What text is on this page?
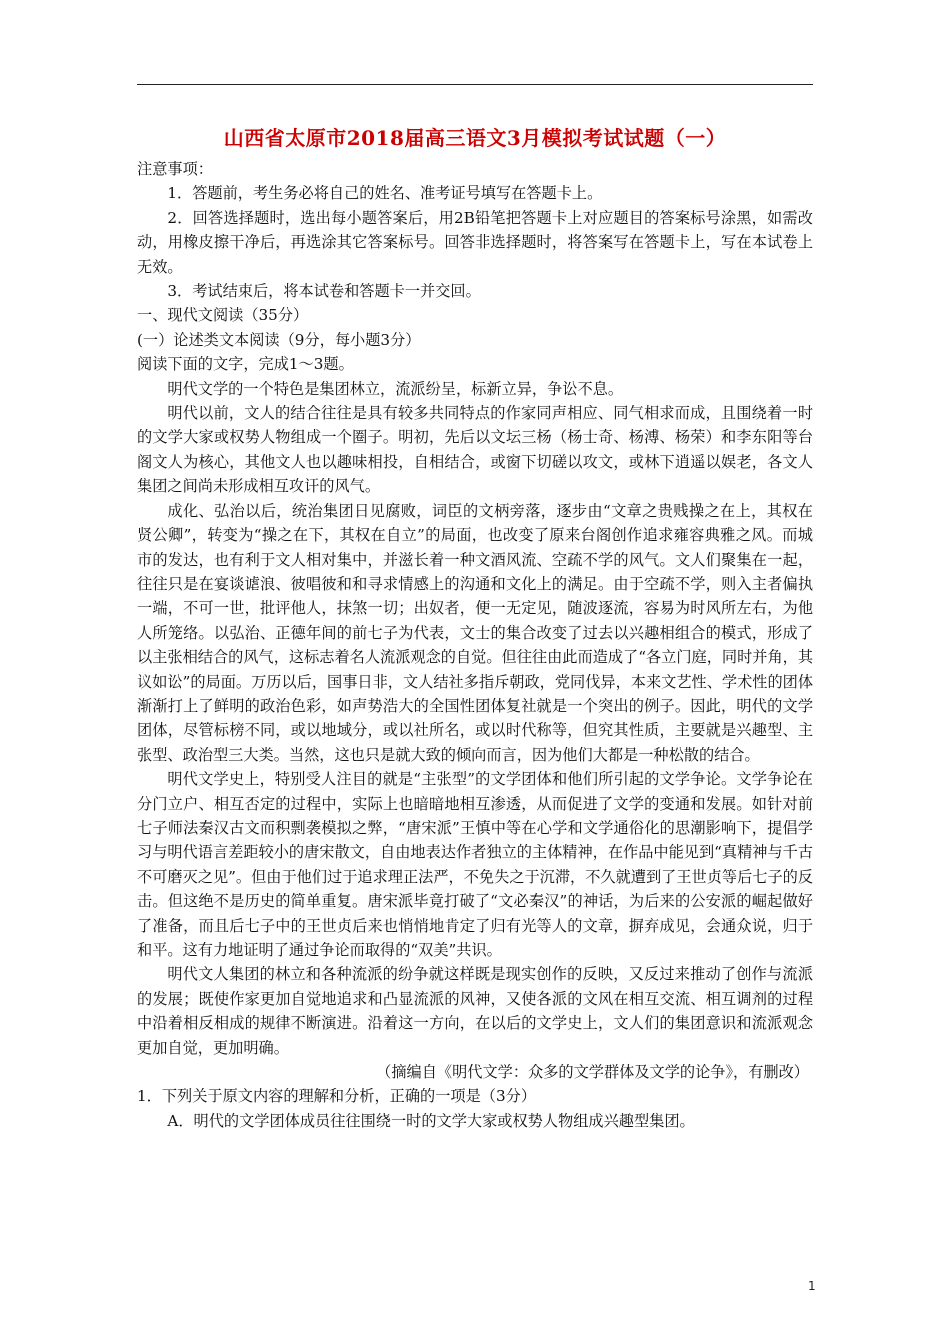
山西省太原市2018届高三语文3月模拟考试试题（一）

注意事项：

1．答题前，考生务必将自己的姓名、准考证号填写在答题卡上。

2．回答选择题时，选出每小题答案后，用2B铅笔把答题卡上对应题目的答案标号涂黑，如需改动，用橡皮擦干净后，再选涂其它答案标号。回答非选择题时，将答案写在答题卡上，写在本试卷上无效。

3．考试结束后，将本试卷和答题卡一并交回。

一、现代文阅读（35分）

(一）论述类文本阅读（9分，每小题3分）

阅读下面的文字，完成1～3题。

明代文学的一个特色是集团林立，流派纷呈，标新立异，争讼不息。

明代以前，文人的结合往往是具有较多共同特点的作家同声相应、同气相求而成，且围绕着一时的文学大家或权势人物组成一个圈子。明初，先后以文坛三杨（杨士奇、杨溥、杨荣）和李东阳等台阁文人为核心，其他文人也以趣味相投，自相结合，或窗下切磋以攻文，或林下逍遥以娱老，各文人集团之间尚未形成相互攻讦的风气。

成化、弘治以后，统治集团日见腐败，词臣的文柄旁落，逐步由“文章之贵贱操之在上，其权在贤公卿”，转变为“操之在下，其权在自立”的局面，也改变了原来台阁创作追求雍容典雅之风。而城市的发达，也有利于文人相对集中，并滋长着一种文酒风流、空疏不学的风气。文人们聚集在一起，往往只是在宴谈谑浪、彼唱彼和和寻求情感上的沟通和文化上的满足。由于空疏不学，则入主者偏执一端，不可一世，批评他人，抹煞一切；出奴者，便一无定见，随波逐流，容易为时风所左右，为他人所笼络。以弘治、正德年间的前七子为代表，文士的集合改变了过去以兴趣相组合的模式，形成了以主张相结合的风气，这标志着名人流派观念的自觉。但往往由此而造成了“各立门庭，同时并角，其议如讼”的局面。万历以后，国事日非，文人结社多指斥朝政，党同伐异，本来文艺性、学术性的团体渐渐打上了鲜明的政治色彩，如声势浩大的全国性团体复社就是一个突出的例子。因此，明代的文学团体，尽管标榜不同，或以地域分，或以社所名，或以时代称等，但究其性质，主要就是兴趣型、主张型、政治型三大类。当然，这也只是就大致的倾向而言，因为他们大都是一种松散的结合。

明代文学史上，特别受人注目的就是“主张型”的文学团体和他们所引起的文学争论。文学争论在分门立户、相互否定的过程中，实际上也暗暗地相互渗透，从而促进了文学的变通和发展。如针对前七子师法秦汉古文而积剽袭模拟之弊，“唐宋派”王慎中等在心学和文学通俗化的思潮影响下，提倡学习与明代语言差距较小的唐宋散文，自由地表达作者独立的主体精神，在作品中能见到“真精神与千古不可磨灭之见”。但由于他们过于追求理正法严，不免失之于沉滞，不久就遭到了王世贞等后七子的反击。但这绝不是历史的简单重复。唐宋派毕竟打破了“文必秦汉”的神话，为后来的公安派的崛起做好了准备，而且后七子中的王世贞后来也悄悄地肯定了归有光等人的文章，摒弃成见，会通众说，归于和平。这有力地证明了通过争论而取得的“双美”共识。

明代文人集团的林立和各种流派的纷争就这样既是现实创作的反映，又反过来推动了创作与流派的发展；既使作家更加自觉地追求和凸显流派的风神，又使各派的文风在相互交流、相互调剂的过程中沿着相反相成的规律不断演进。沿着这一方向，在以后的文学史上，文人们的集团意识和流派观念更加自觉，更加明确。

（摘编自《明代文学：众多的文学群体及文学的论争》，有删改）

1．下列关于原文内容的理解和分析，正确的一项是（3分）

A．明代的文学团体成员往往围绕一时的文学大家或权势人物组成兴趣型集团。

1
